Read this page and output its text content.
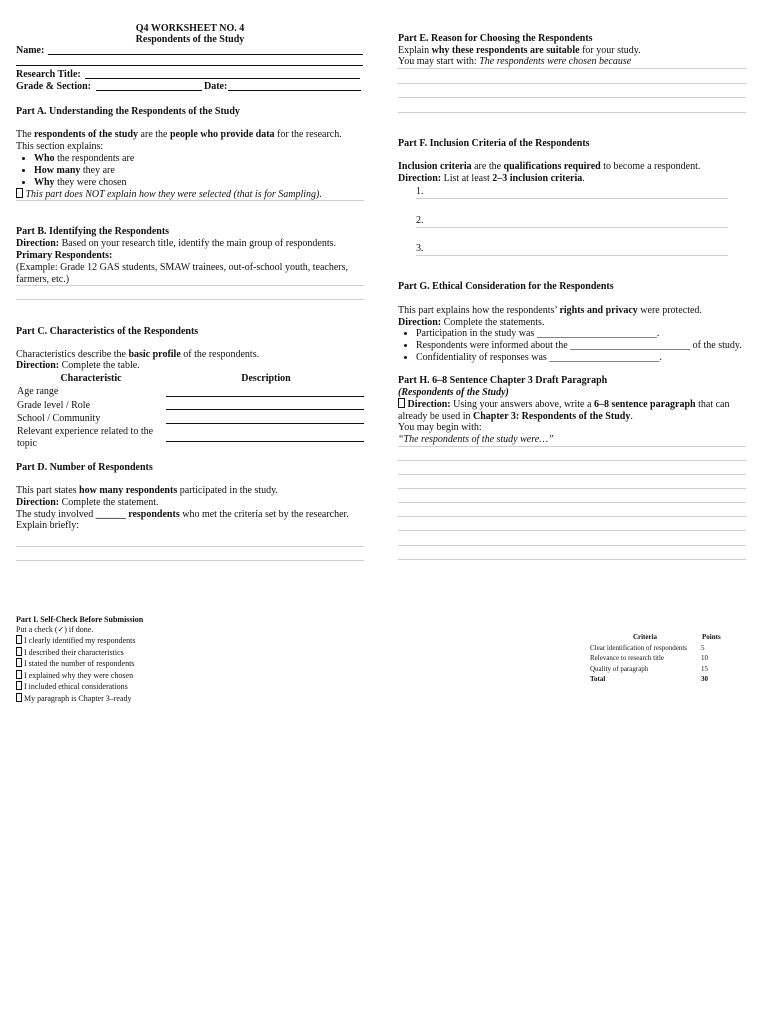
Q4 WORKSHEET NO. 4
Respondents of the Study
Name:
Research Title:
Grade & Section:	Date:
Part A. Understanding the Respondents of the Study
The respondents of the study are the people who provide data for the research.
This section explains:
• Who the respondents are
• How many they are
• Why they were chosen
This part does NOT explain how they were selected (that is for Sampling).
Part B. Identifying the Respondents
Direction: Based on your research title, identify the main group of respondents.
Primary Respondents:
(Example: Grade 12 GAS students, SMAW trainees, out-of-school youth, teachers, farmers, etc.)
Part C. Characteristics of the Respondents
Characteristics describe the basic profile of the respondents.
Direction: Complete the table.
Characteristic	Description
Age range
Grade level / Role
School / Community
Relevant experience related to the topic
Part D. Number of Respondents
This part states how many respondents participated in the study.
Direction: Complete the statement.
The study involved ______ respondents who met the criteria set by the researcher.
Explain briefly:
Part E. Reason for Choosing the Respondents
Explain why these respondents are suitable for your study.
You may start with: The respondents were chosen because
Part F. Inclusion Criteria of the Respondents
Inclusion criteria are the qualifications required to become a respondent.
Direction: List at least 2–3 inclusion criteria.
1.
2.
3.
Part G. Ethical Consideration for the Respondents
This part explains how the respondents’ rights and privacy were protected.
Direction: Complete the statements.
• Participation in the study was ________________________.
• Respondents were informed about the ________________________ of the study.
• Confidentiality of responses was ______________________.
Part H. 6–8 Sentence Chapter 3 Draft Paragraph
(Respondents of the Study)
Direction: Using your answers above, write a 6–8 sentence paragraph that can already be used in Chapter 3: Respondents of the Study.
You may begin with:
“The respondents of the study were…”
Part I. Self-Check Before Submission
Put a check (✓) if done.
I clearly identified my respondents
I described their characteristics
I stated the number of respondents
I explained why they were chosen
I included ethical considerations
My paragraph is Chapter 3–ready
Criteria	Points
Clear identification of respondents 5
Relevance to research title	10
Quality of paragraph	15
Total	30
